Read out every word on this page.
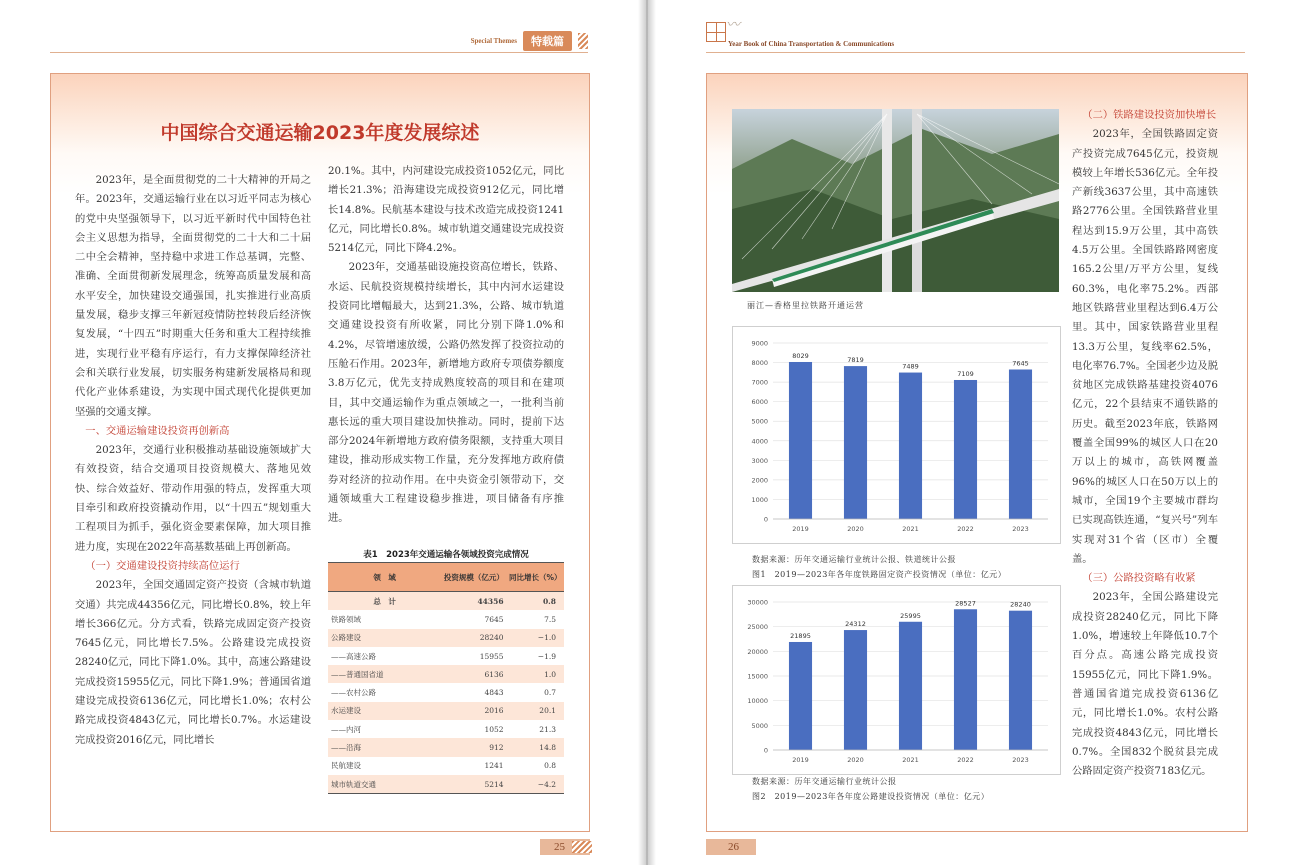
Special Themes	特载篇
中国综合交通运输2023年度发展综述

2023年，是全面贯彻党的二十大精神的开局之年。2023年，交通运输行业在以习近平同志为核心的党中央坚强领导下，以习近平新时代中国特色社会主义思想为指导，全面贯彻党的二十大和二十届二中全会精神，坚持稳中求进工作总基调，完整、准确、全面贯彻新发展理念，统筹高质量发展和高水平安全，加快建设交通强国，扎实推进行业高质量发展，稳步支撑三年新冠疫情防控转段后经济恢复发展，“十四五”时期重大任务和重大工程持续推进，实现行业平稳有序运行，有力支撑保障经济社会和关联行业发展，切实服务构建新发展格局和现代化产业体系建设，为实现中国式现代化提供更加坚强的交通支撑。

一、交通运输建设投资再创新高

2023年，交通行业积极推动基础设施领域扩大有效投资，结合交通项目投资规模大、落地见效快、综合效益好、带动作用强的特点，发挥重大项目牵引和政府投资撬动作用，以“十四五”规划重大工程项目为抓手，强化资金要素保障，加大项目推进力度，实现在2022年高基数基础上再创新高。

（一）交通建设投资持续高位运行

2023年，全国交通固定资产投资（含城市轨道交通）共完成44356亿元，同比增长0.8%，较上年增长366亿元。分方式看，铁路完成固定资产投资7645亿元，同比增长7.5%。公路建设完成投资28240亿元，同比下降1.0%。其中，高速公路建设完成投资15955亿元，同比下降1.9%；普通国省道建设完成投资6136亿元，同比增长1.0%；农村公路完成投资4843亿元，同比增长0.7%。水运建设完成投资2016亿元，同比增长

20.1%。其中，内河建设完成投资1052亿元，同比增长21.3%；沿海建设完成投资912亿元，同比增长14.8%。民航基本建设与技术改造完成投资1241亿元，同比增长0.8%。城市轨道交通建设完成投资5214亿元，同比下降4.2%。

2023年，交通基础设施投资高位增长，铁路、水运、民航投资规模持续增长，其中内河水运建设投资同比增幅最大，达到21.3%，公路、城市轨道交通建设投资有所收紧，同比分别下降1.0%和4.2%，尽管增速放缓，公路仍然发挥了投资拉动的压舱石作用。2023年，新增地方政府专项债券额度3.8万亿元，优先支持成熟度较高的项目和在建项目，其中交通运输作为重点领域之一，一批利当前惠长远的重大项目建设加快推动。同时，提前下达部分2024年新增地方政府债务限额，支持重大项目建设，推动形成实物工作量，充分发挥地方政府债券对经济的拉动作用。在中央资金引领带动下，交通领域重大工程建设稳步推进，项目储备有序推进。

表1　2023年交通运输各领域投资完成情况
领　域	投资规模（亿元）	同比增长（%）
总　计	44356	0.8
铁路领域	7645	7.5
公路建设	28240	−1.0
——高速公路	15955	−1.9
——普通国省道	6136	1.0
——农村公路	4843	0.7
水运建设	2016	20.1
——内河	1052	21.3
——沿海	912	14.8
民航建设	1241	0.8
城市轨道交通	5214	−4.2
25
〰
Year Book of China Transportation & Communications
丽江—香格里拉铁路开通运营
0
1000
2000
3000
4000
5000
6000
7000
8000
9000
8029
2019
7819
2020
7489
2021
7109
2022
7645
2023
数据来源：历年交通运输行业统计公报、铁道统计公报
图1　2019—2023年各年度铁路固定资产投资情况（单位：亿元）
0
5000
10000
15000
20000
25000
30000
21895
2019
24312
2020
25995
2021
28527
2022
28240
2023
数据来源：历年交通运输行业统计公报
图2　2019—2023年各年度公路建设投资情况（单位：亿元）

（二）铁路建设投资加快增长

2023年，全国铁路固定资产投资完成7645亿元，投资规模较上年增长536亿元。全年投产新线3637公里，其中高速铁路2776公里。全国铁路营业里程达到15.9万公里，其中高铁4.5万公里。全国铁路路网密度165.2公里/万平方公里，复线60.3%，电化率75.2%。西部地区铁路营业里程达到6.4万公里。其中，国家铁路营业里程13.3万公里，复线率62.5%，电化率76.7%。全国老少边及脱贫地区完成铁路基建投资4076亿元，22个县结束不通铁路的历史。截至2023年底，铁路网覆盖全国99%的城区人口在20万以上的城市，高铁网覆盖96%的城区人口在50万以上的城市，全国19个主要城市群均已实现高铁连通，“复兴号”列车实现对31个省（区市）全覆盖。

（三）公路投资略有收紧

2023年，全国公路建设完成投资28240亿元，同比下降1.0%，增速较上年降低10.7个百分点。高速公路完成投资15955亿元，同比下降1.9%。普通国省道完成投资6136亿元，同比增长1.0%。农村公路完成投资4843亿元，同比增长0.7%。全国832个脱贫县完成公路固定资产投资7183亿元。

26
